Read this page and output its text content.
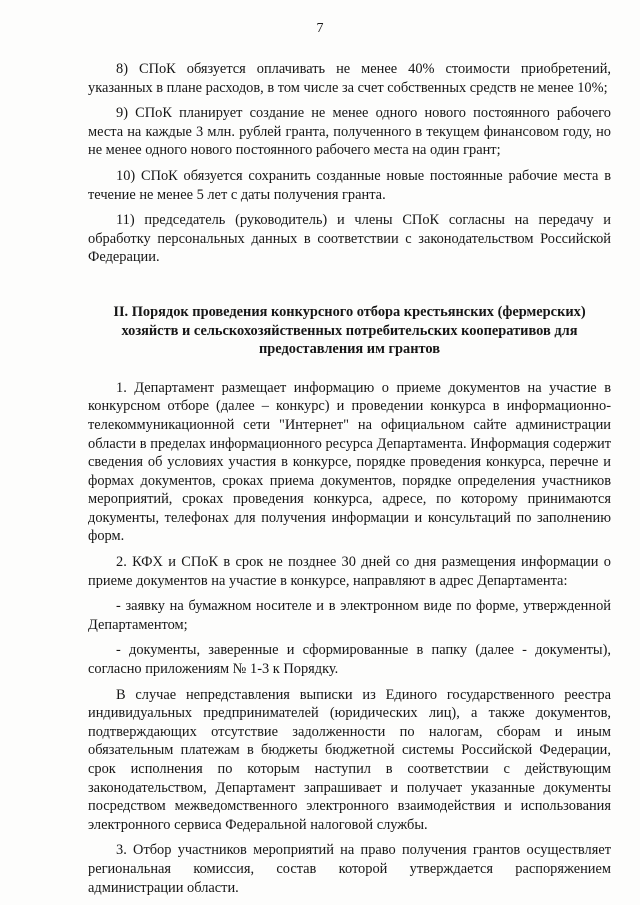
7

8) СПоК обязуется оплачивать не менее 40% стоимости приобретений, указанных в плане расходов, в том числе за счет собственных средств не менее 10%;

9) СПоК планирует создание не менее одного нового постоянного рабочего места на каждые 3 млн. рублей гранта, полученного в текущем финансовом году, но не менее одного нового постоянного рабочего места на один грант;

10) СПоК обязуется сохранить созданные новые постоянные рабочие места в течение не менее 5 лет с даты получения гранта.

11) председатель (руководитель) и члены СПоК согласны на передачу и обработку персональных данных в соответствии с законодательством Российской Федерации.

II. Порядок проведения конкурсного отбора крестьянских (фермерских) хозяйств и сельскохозяйственных потребительских кооперативов для предоставления им грантов

1. Департамент размещает информацию о приеме документов на участие в конкурсном отборе (далее – конкурс) и проведении конкурса в информационно-телекоммуникационной сети "Интернет" на официальном сайте администрации области в пределах информационного ресурса Департамента. Информация содержит сведения об условиях участия в конкурсе, порядке проведения конкурса, перечне и формах документов, сроках приема документов, порядке определения участников мероприятий, сроках проведения конкурса, адресе, по которому принимаются документы, телефонах для получения информации и консультаций по заполнению форм.

2. КФХ и СПоК в срок не позднее 30 дней со дня размещения информации о приеме документов на участие в конкурсе, направляют в адрес Департамента:

- заявку на бумажном носителе и в электронном виде по форме, утвержденной Департаментом;

- документы, заверенные и сформированные в папку (далее - документы), согласно приложениям № 1-3 к Порядку.

В случае непредставления выписки из Единого государственного реестра индивидуальных предпринимателей (юридических лиц), а также документов, подтверждающих отсутствие задолженности по налогам, сборам и иным обязательным платежам в бюджеты бюджетной системы Российской Федерации, срок исполнения по которым наступил в соответствии с действующим законодательством, Департамент запрашивает и получает указанные документы посредством межведомственного электронного взаимодействия и использования электронного сервиса Федеральной налоговой службы.

3. Отбор участников мероприятий на право получения грантов осуществляет региональная комиссия, состав которой утверждается распоряжением администрации области.
